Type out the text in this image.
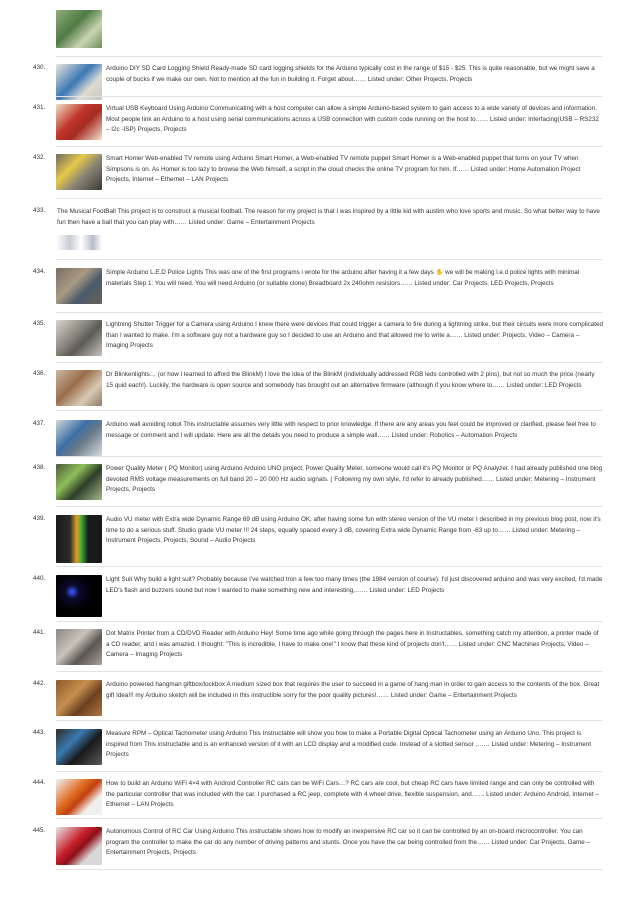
430.	Arduino DIY SD Card Logging Shield Ready-made SD card logging shields for the Arduino typically cost in the range of $15 - $25. This is quite reasonable, but we might save a couple of bucks if we make our own. Not to mention all the fun in building it. Forget about…… Listed under: Other Projects, Projects
431.	Virtual USB Keyboard Using Arduino Communicating with a host computer can allow a simple Arduino-based system to gain access to a wide variety of devices and information. Most people link an Arduino to a host using serial communications across a USB connection with custom code running on the host to…… Listed under: Interfacing(USB – RS232 – I2c -ISP) Projects, Projects
432.	Smart Homer Web-enabled TV remote using Arduino Smart Homer, a Web-enabled TV remote puppet Smart Homer is a Web-enabled puppet that turns on your TV when Simpsons is on. As Homer is too lazy to browse the Web himself, a script in the cloud checks the online TV program for him. If…… Listed under: Home Automation Project Projects, Internet – Ethernet – LAN Projects
433. The Musical FootBall This project is to construct a musical football. The reason for my project is that I was inspired by a little kid with austim who love sports and music. So what better way to have fun then have a ball that you can play with…… Listed under: Game – Entertainment Projects
434.	Simple Arduino L.E.D Police Lights This was one of the first programs i wrote for the arduino after having it a few days ✋ we will be making l.e.d police lights with minimal materials Step 1: You will need. You will need Arduino (or suitable clone) Breadboard 2x 240ohm resistors…… Listed under: Car Projects, LED Projects, Projects
435.	Lightning Shutter Trigger for a Camera using Arduino I knew there were devices that could trigger a camera to fire during a lightning strike, but their circuits were more complicated than I wanted to make. I'm a software guy not a hardware guy so I decided to use an Arduino and that allowed me to write a…… Listed under: Projects, Video – Camera – Imaging Projects
436.	Dr Blinkenlights… (or how I learned to afford the BlinkM) I love the idea of the BlinkM (individually addressed RGB leds controlled with 2 pins), but not so much the price (nearly 15 quid each!). Luckily, the hardware is open source and somebody has brought out an alternative firmware (although if you know where to…… Listed under: LED Projects
437.	Arduino wall avoiding robot This instructable assumes very little with respect to prior knowledge. If there are any areas you feel could be improved or clarified, please feel free to message or comment and I will update. Here are all the details you need to produce a simple wall…… Listed under: Robotics – Automation Projects
438.	Power Quality Meter ( PQ Monitor) using Arduino Arduino UNO project, Power Quality Meter, someone would call it's PQ Monitor or PQ Analyzer. I had already published one blog devoted RMS voltage measurements on full band 20 – 20 000 Hz audio signals. ( Following my own style, I'd refer to already published…… Listed under: Metering – Instrument Projects, Projects
439.	Audio VU meter with Extra wide Dynamic Range 69 dB using Arduino OK, after having some fun with stereo version of the VU meter I described in my previous blog post, now it's time to do a serious stuff. Studio grade VU meter !!! 24 steps, equally spaced every 3 dB, covering Extra wide Dynamic Range from -63 up to…… Listed under: Metering – Instrument Projects, Projects, Sound – Audio Projects
440.	Light Suit Why build a light suit? Probably because I've watched tron a few too many times (the 1984 version of course). I'd just discovered arduino and was very excited, I'd made LED's flash and buzzers sound but now I wanted to make something new and interesting,…… Listed under: LED Projects
441.	Dot Matrix Printer from a CD/DVD Reader with Arduino Hey! Some time ago while going through the pages here in Instructables, something catch my attention, a printer made of a CD reader, and i was amazed. I thought: "This is incredible, I have to make one!" I know that these kind of projects don't…… Listed under: CNC Machines Projects, Video – Camera – Imaging Projects
442.	Arduino powered hangman giftbox/lockbox A medium sized box that requires the user to succeed in a game of hang man in order to gain access to the contents of the box. Great gift Idea!!! my Arduino sketch will be included in this instructible sorry for the poor quality pictures!…… Listed under: Game – Entertainment Projects
443.	Measure RPM – Optical Tachometer using Arduino This Instructable will show you how to make a Portable Digital Optical Tachometer using an Arduino Uno. This project is inspired from This instructable and is an enhanced version of it with an LCD display and a modified code. Instead of a slotted sensor ,…… Listed under: Metering – Instrument Projects
444.	How to build an Arduino WiFi 4×4 with Android Controller RC cars can be WiFi Cars…? RC cars are cool, but cheap RC cars have limited range and can only be controlled with the particular controller that was included with the car. I purchased a RC jeep, complete with 4 wheel drive, flexible suspension, and…… Listed under: Arduino Android, Internet – Ethernet – LAN Projects
445.	Autonomous Control of RC Car Using Arduino This instructable shows how to modify an inexpensive RC car so it can be controlled by an on-board microcontroller. You can program the controller to make the car do any number of driving patterns and stunts. Once you have the car being controlled from the…… Listed under: Car Projects, Game – Entertainment Projects, Projects
